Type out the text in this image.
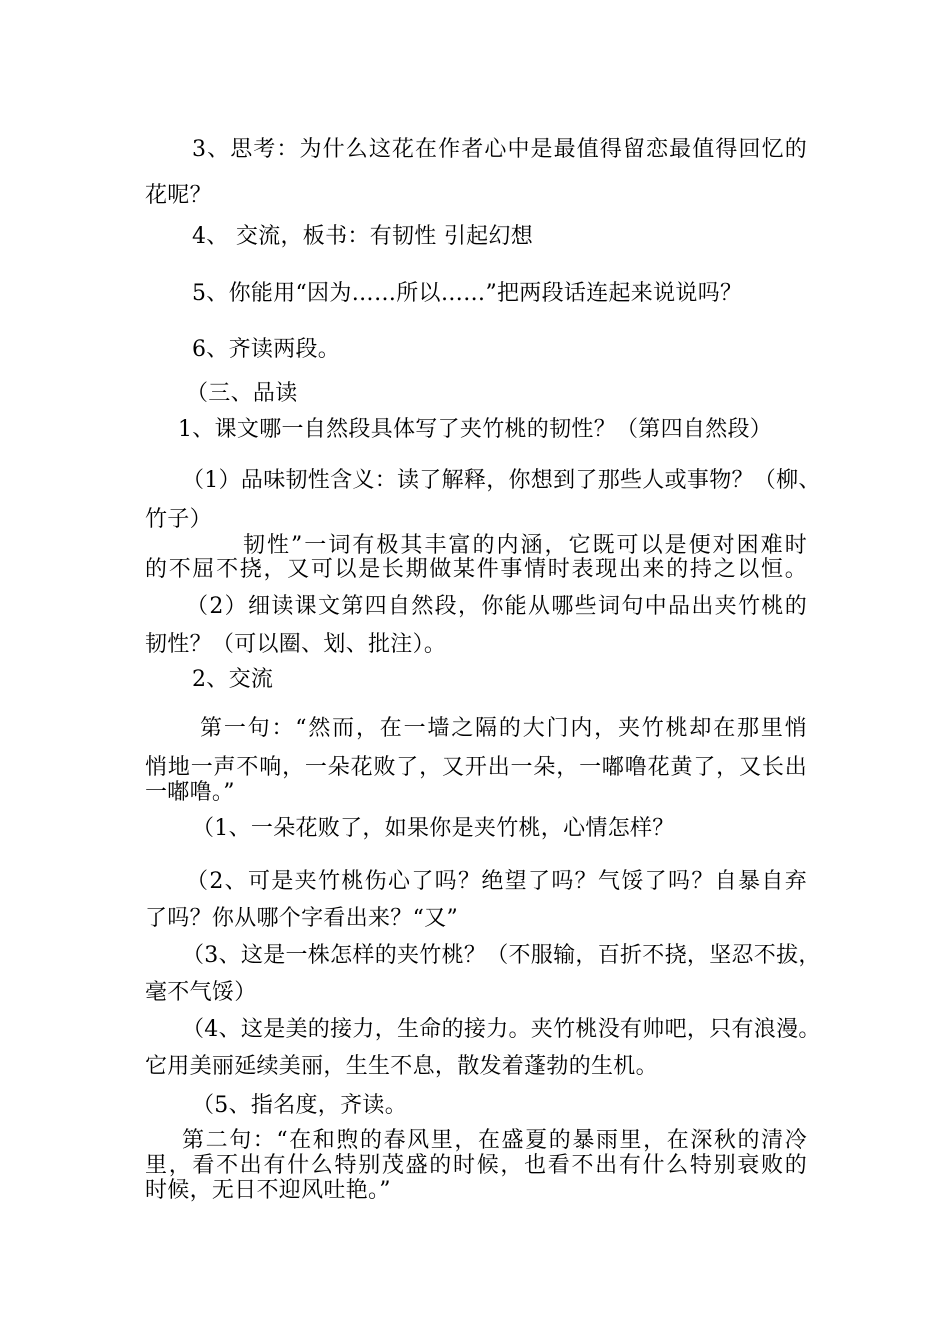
3、思考：为什么这花在作者心中是最值得留恋最值得回忆的
花呢？
4、 交流，板书：有韧性 引起幻想
5、你能用“因为……所以……”把两段话连起来说说吗？
6、齐读两段。
（三、品读
1、课文哪一自然段具体写了夹竹桃的韧性？（第四自然段）
（1）品味韧性含义：读了解释，你想到了那些人或事物？（柳、
竹子）
韧性”一词有极其丰富的内涵，它既可以是便对困难时
的不屈不挠，又可以是长期做某件事情时表现出来的持之以恒。
（2）细读课文第四自然段，你能从哪些词句中品出夹竹桃的
韧性？（可以圈、划、批注）。
2、交流
第一句：“然而，在一墙之隔的大门内，夹竹桃却在那里悄
悄地一声不响，一朵花败了，又开出一朵，一嘟噜花黄了，又长出
一嘟噜。”
（1、一朵花败了，如果你是夹竹桃，心情怎样？
（2、可是夹竹桃伤心了吗？绝望了吗？气馁了吗？自暴自弃
了吗？你从哪个字看出来？“又”
（3、这是一株怎样的夹竹桃？（不服输，百折不挠，坚忍不拔，
毫不气馁）
（4、这是美的接力，生命的接力。夹竹桃没有帅吧，只有浪漫。
它用美丽延续美丽，生生不息，散发着蓬勃的生机。
（5、指名度，齐读。
第二句：“在和煦的春风里，在盛夏的暴雨里，在深秋的清冷
里，看不出有什么特别茂盛的时候，也看不出有什么特别衰败的
时候，无日不迎风吐艳。”
